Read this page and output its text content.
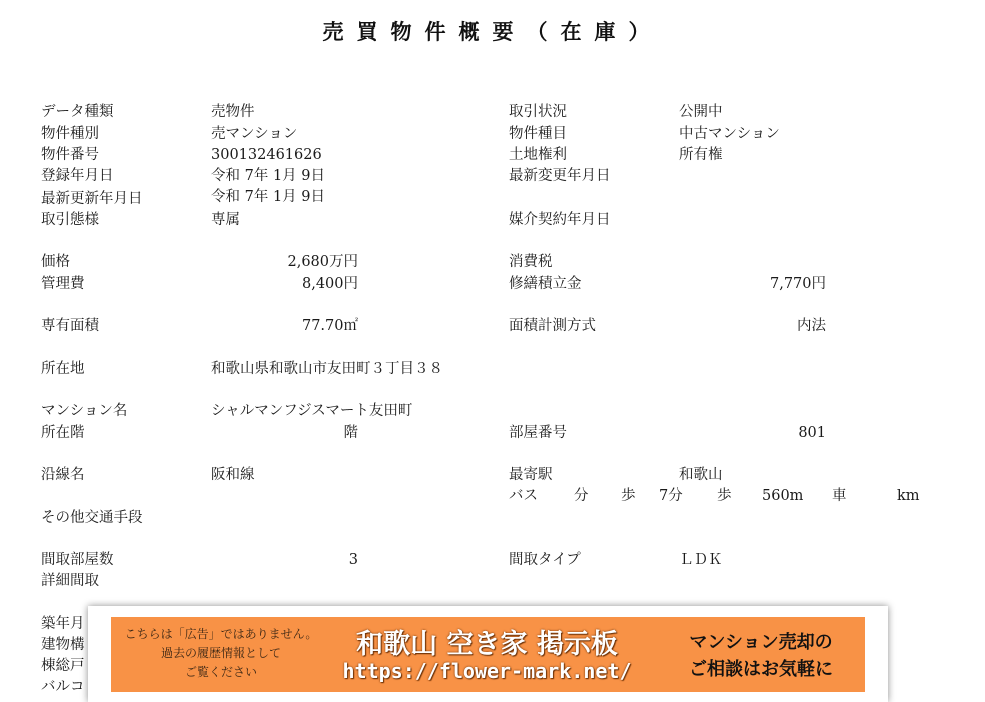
売買物件概要（在庫）
データ種類	売物件	取引状況	公開中
物件種別	売マンション	物件種目	中古マンション
物件番号	300132461626	土地権利	所有権
登録年月日	令和 7年 1月 9日	最新変更年月日
最新更新年月日	令和 7年 1月 9日
取引態様	専属	媒介契約年月日
価格	2,680万円	消費税
管理費	8,400円	修繕積立金	7,770円
専有面積	77.70㎡	面積計測方式	内法
所在地	和歌山県和歌山市友田町３丁目３８
マンション名	シャルマンフジスマート友田町
所在階	階	部屋番号	801
沿線名	阪和線	最寄駅	和歌山
バス 分 歩 7分 歩 560m 車	km
その他交通手段
間取部屋数	3	間取タイプ	ＬＤＫ
詳細間取
築年月
建物構
棟総戸
バルコ
こちらは「広告」ではありません。
過去の履歴情報として
ご覧ください
和歌山 空き家 掲示板
https://flower-mark.net/
マンション売却の
ご相談はお気軽に
